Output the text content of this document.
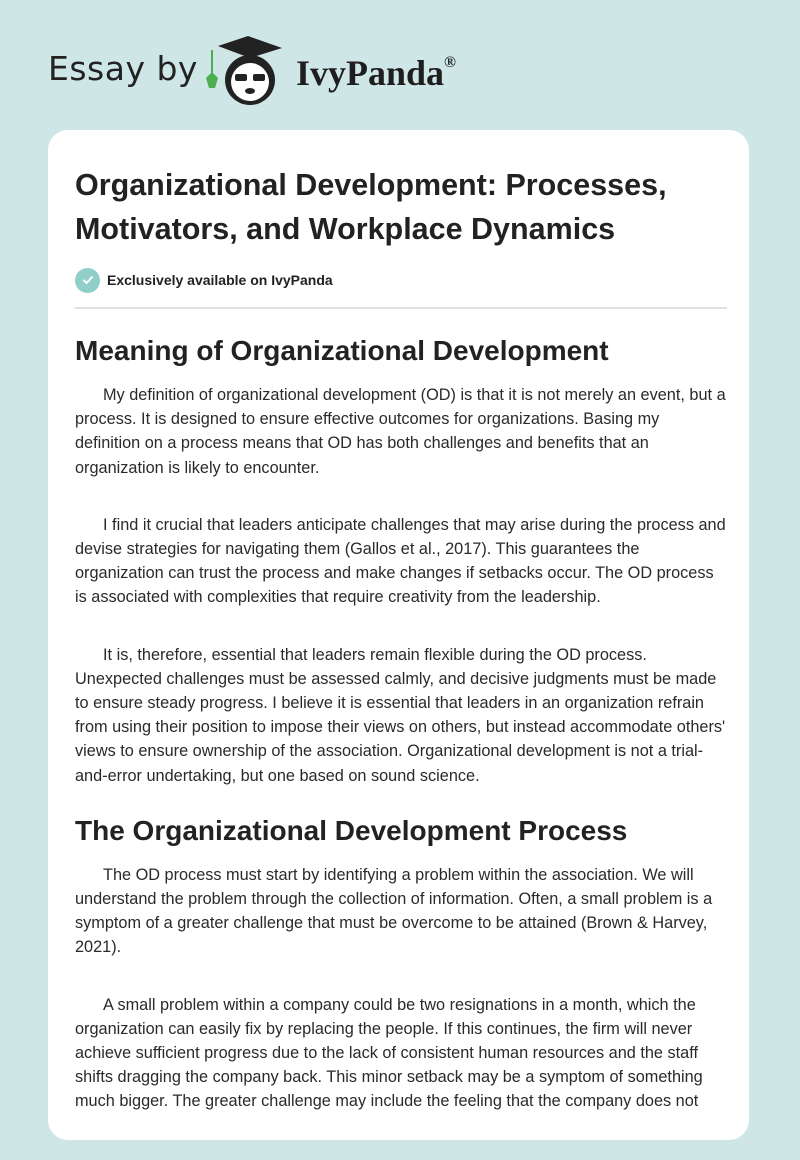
Essay by	IvyPanda®
Organizational Development: Processes, Motivators, and Workplace Dynamics
Exclusively available on IvyPanda
Meaning of Organizational Development

My definition of organizational development (OD) is that it is not merely an event, but a process. It is designed to ensure effective outcomes for organizations. Basing my definition on a process means that OD has both challenges and benefits that an organization is likely to encounter.

I find it crucial that leaders anticipate challenges that may arise during the process and devise strategies for navigating them (Gallos et al., 2017). This guarantees the organization can trust the process and make changes if setbacks occur. The OD process is associated with complexities that require creativity from the leadership.

It is, therefore, essential that leaders remain flexible during the OD process. Unexpected challenges must be assessed calmly, and decisive judgments must be made to ensure steady progress. I believe it is essential that leaders in an organization refrain from using their position to impose their views on others, but instead accommodate others' views to ensure ownership of the association. Organizational development is not a trial-and-error undertaking, but one based on sound science.

The Organizational Development Process

The OD process must start by identifying a problem within the association. We will understand the problem through the collection of information. Often, a small problem is a symptom of a greater challenge that must be overcome to be attained (Brown & Harvey, 2021).

A small problem within a company could be two resignations in a month, which the organization can easily fix by replacing the people. If this continues, the firm will never achieve sufficient progress due to the lack of consistent human resources and the staff shifts dragging the company back. This minor setback may be a symptom of something much bigger. The greater challenge may include the feeling that the company does not
